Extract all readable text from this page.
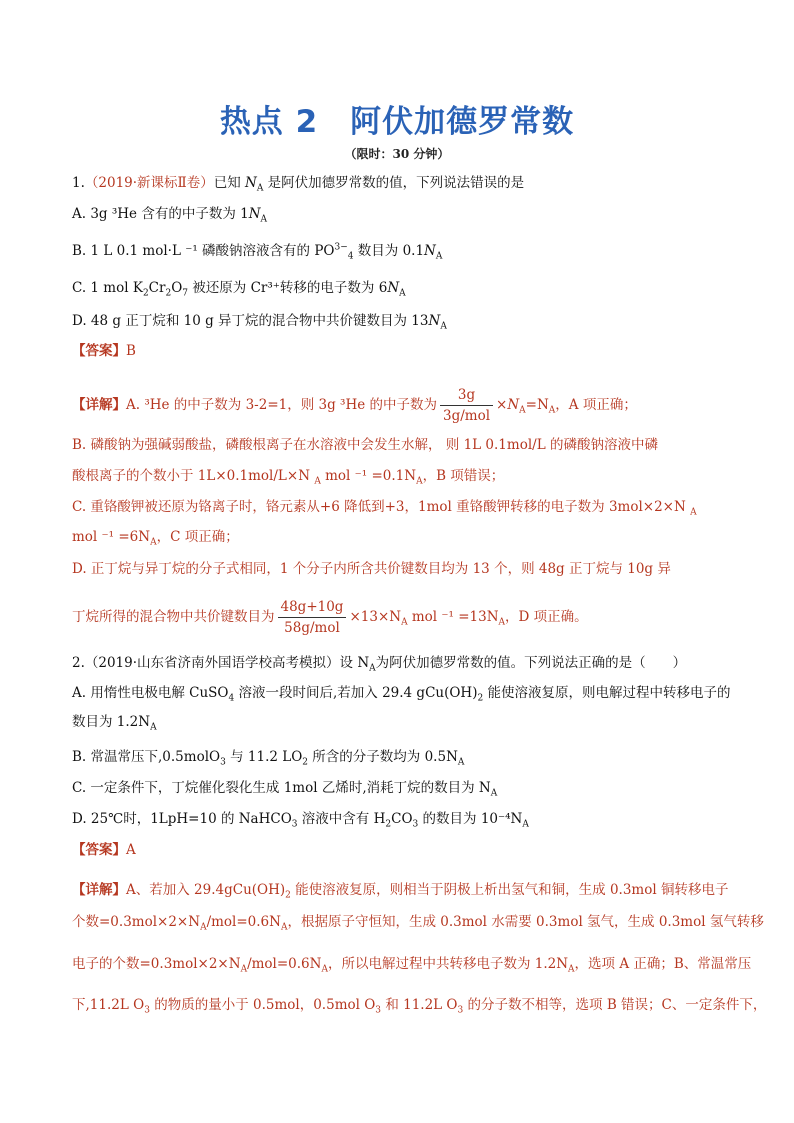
热点 2　阿伏加德罗常数
（限时：30 分钟）
1.（2019·新课标Ⅱ卷）已知 $N_A$ 是阿伏加德罗常数的值，下列说法错误的是
A. 3g ³He 含有的中子数为 $1N_A$
B. 1 L 0.1 mol·L ⁻¹ 磷酸钠溶液含有的 $PO^{3-}_4$ 数目为 $0.1N_A$
C. 1 mol $K_2Cr_2O_7$ 被还原为 Cr³⁺转移的电子数为 $6N_A$
D. 48 g 正丁烷和 10 g 异丁烷的混合物中共价键数目为 $13N_A$
【答案】B
【详解】A. ³He 的中子数为 3-2=1，则 3g ³He 的中子数为 $\frac{3g}{\text{3g/mol}} \times N_A=N_A$，A 项正确；
B. 磷酸钠为强碱弱酸盐，磷酸根离子在水溶液中会发生水解， 则 1L 0.1mol/L 的磷酸钠溶液中磷
酸根离子的个数小于 1L×0.1mol/L×N $_A$ mol $^{-1} =0.1N_A$，B 项错误；
C. 重铬酸钾被还原为铬离子时，铬元素从+6 降低到+3，1mol 重铬酸钾转移的电子数为 3mol×2×N $_A$
mol $^{-1} =6N_A$，C 项正确；
D. 正丁烷与异丁烷的分子式相同，1 个分子内所含共价键数目均为 13 个，则 48g 正丁烷与 10g 异
丁烷所得的混合物中共价键数目为 $\frac{48g+10g}{\text{58g/mol}} \times 13\times N_A$ mol $^{-1} =13N_A$，D 项正确。
2.（2019·山东省济南外国语学校高考模拟）设 $N_A$为阿伏加德罗常数的值。下列说法正确的是（　　）
A. 用惰性电极电解 CuSO$_4$ 溶液一段时间后,若加入 29.4 $gCu(OH)_2$ 能使溶液复原，则电解过程中转移电子的
数目为 $1.2N_A$
B. 常温常压下,0.5molO$_3$ 与 11.2 $LO_2$ 所含的分子数均为 $0.5N_A$
C. 一定条件下，丁烷催化裂化生成 1mol 乙烯时,消耗丁烷的数目为 $N_A$
D. 25℃时，1LpH=10 的 NaHCO$_3$ 溶液中含有 $H_2CO_3$ 的数目为 $10^{-4}N_A$
【答案】A
【详解】A、若加入 $29.4gCu(OH)_2$ 能使溶液复原，则相当于阴极上析出氢气和铜，生成 0.3mol 铜转移电子
个数$=0.3mol\times 2\times N_A/mol=0.6N_A$，根据原子守恒知，生成 0.3mol 水需要 0.3mol 氢气，生成 0.3mol 氢气转移
电子的个数$=0.3mol\times 2\times N_A/mol=0.6N_A$，所以电解过程中共转移电子数为 $1.2N_A$，选项 A 正确；B、常温常压
下,11.2L $O_3$ 的物质的量小于 0.5mol，0.5mol $O_3$ 和 11.2L $O_3$ 的分子数不相等，选项 B 错误；C、一定条件下，
